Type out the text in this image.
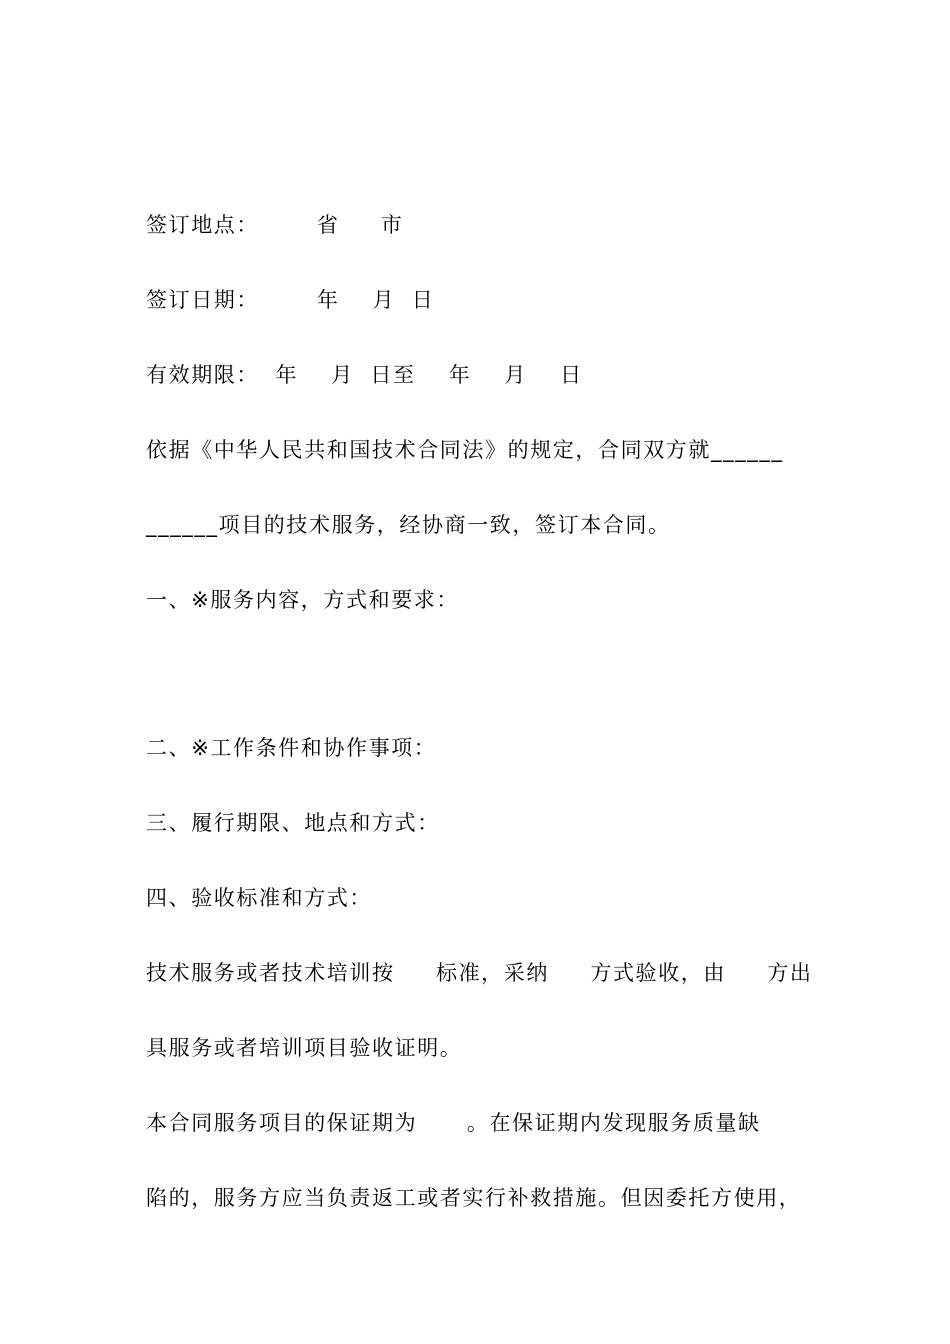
签订地点：       省     市
签订日期：       年    月  日
有效期限：  年    月  日至    年    月    日
依据《中华人民共和国技术合同法》的规定，合同双方就______
______项目的技术服务，经协商一致，签订本合同。
一、※服务内容，方式和要求：
二、※工作条件和协作事项：
三、履行期限、地点和方式：
四、验收标准和方式：
技术服务或者技术培训按     标准，采纳     方式验收，由     方出
具服务或者培训项目验收证明。
本合同服务项目的保证期为      。在保证期内发现服务质量缺
陷的，服务方应当负责返工或者实行补救措施。但因委托方使用，
